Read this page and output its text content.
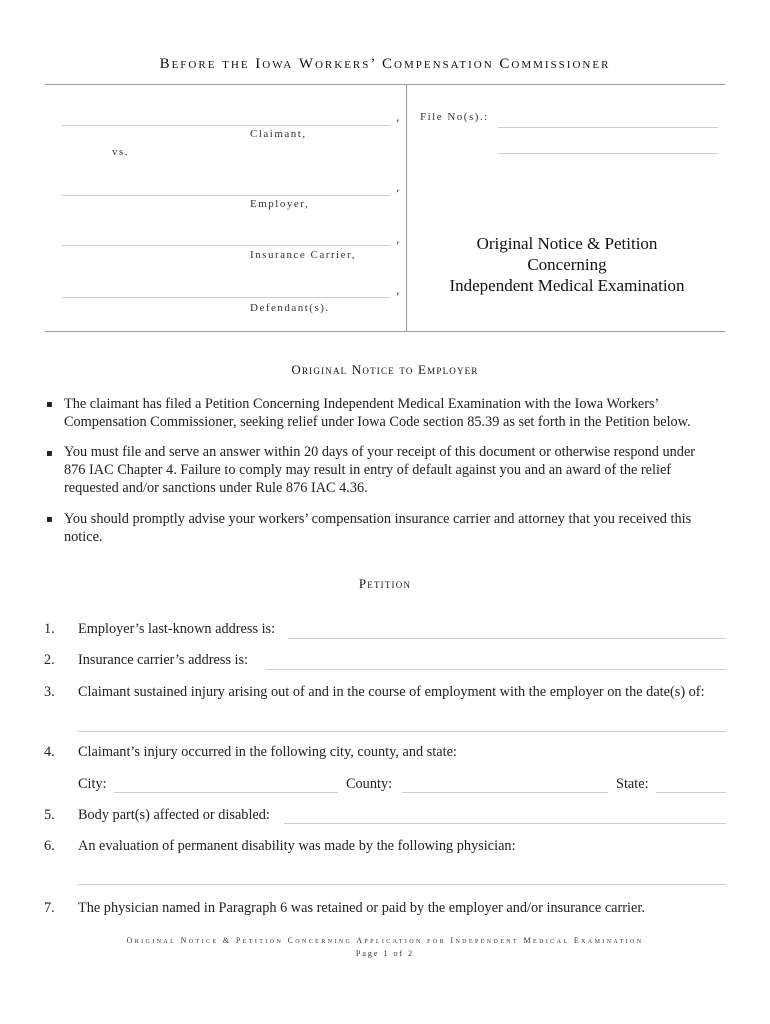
Before the Iowa Workers’ Compensation Commissioner
,
Claimant,
vs.
,
Employer,
,
Insurance Carrier,
,
Defendant(s).
File No(s).:
Original Notice & Petition
Concerning
Independent Medical Examination
Original Notice to Employer
▪ The claimant has filed a Petition Concerning Independent Medical Examination with the Iowa Workers’
Compensation Commissioner, seeking relief under Iowa Code section 85.39 as set forth in the Petition below.
▪ You must file and serve an answer within 20 days of your receipt of this document or otherwise respond under
876 IAC Chapter 4. Failure to comply may result in entry of default against you and an award of the relief
requested and/or sanctions under Rule 876 IAC 4.36.
▪ You should promptly advise your workers’ compensation insurance carrier and attorney that you received this
notice.
Petition
1. Employer’s last-known address is:
2. Insurance carrier’s address is:
3. Claimant sustained injury arising out of and in the course of employment with the employer on the date(s) of:
4. Claimant’s injury occurred in the following city, county, and state:
City:	County:	State:
5. Body part(s) affected or disabled:
6. An evaluation of permanent disability was made by the following physician:
7. The physician named in Paragraph 6 was retained or paid by the employer and/or insurance carrier.
Original Notice & Petition Concerning Application for Independent Medical Examination
Page 1 of 2
